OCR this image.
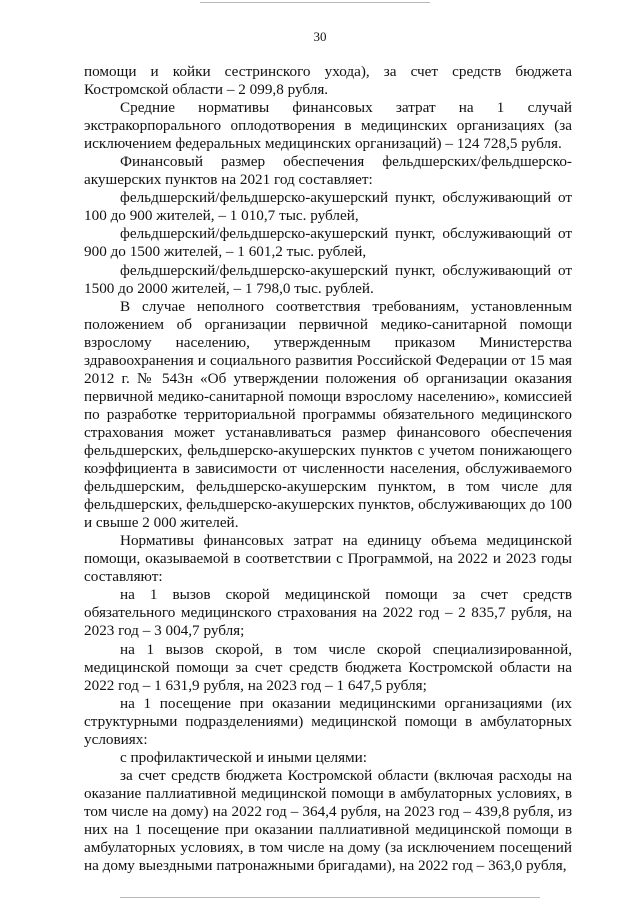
30

помощи и койки сестринского ухода), за счет средств бюджета Костромской области – 2 099,8 рубля.

Средние нормативы финансовых затрат на 1 случай экстракорпорального оплодотворения в медицинских организациях (за исключением федеральных медицинских организаций) – 124 728,5 рубля.

Финансовый размер обеспечения фельдшерских/фельдшерско-акушерских пунктов на 2021 год составляет:

фельдшерский/фельдшерско-акушерский пункт, обслуживающий от 100 до 900 жителей, – 1 010,7 тыс. рублей,

фельдшерский/фельдшерско-акушерский пункт, обслуживающий от 900 до 1500 жителей, – 1 601,2 тыс. рублей,

фельдшерский/фельдшерско-акушерский пункт, обслуживающий от 1500 до 2000 жителей, – 1 798,0 тыс. рублей.

В случае неполного соответствия требованиям, установленным положением об организации первичной медико-санитарной помощи взрослому населению, утвержденным приказом Министерства здравоохранения и социального развития Российской Федерации от 15 мая 2012 г. № 543н «Об утверждении положения об организации оказания первичной медико-санитарной помощи взрослому населению», комиссией по разработке территориальной программы обязательного медицинского страхования может устанавливаться размер финансового обеспечения фельдшерских, фельдшерско-акушерских пунктов с учетом понижающего коэффициента в зависимости от численности населения, обслуживаемого фельдшерским, фельдшерско-акушерским пунктом, в том числе для фельдшерских, фельдшерско-акушерских пунктов, обслуживающих до 100 и свыше 2 000 жителей.

Нормативы финансовых затрат на единицу объема медицинской помощи, оказываемой в соответствии с Программой, на 2022 и 2023 годы составляют:

на 1 вызов скорой медицинской помощи за счет средств обязательного медицинского страхования на 2022 год – 2 835,7 рубля, на 2023 год – 3 004,7 рубля;

на 1 вызов скорой, в том числе скорой специализированной, медицинской помощи за счет средств бюджета Костромской области на 2022 год – 1 631,9 рубля, на 2023 год – 1 647,5 рубля;

на 1 посещение при оказании медицинскими организациями (их структурными подразделениями) медицинской помощи в амбулаторных условиях:

с профилактической и иными целями:

за счет средств бюджета Костромской области (включая расходы на оказание паллиативной медицинской помощи в амбулаторных условиях, в том числе на дому) на 2022 год – 364,4 рубля, на 2023 год – 439,8 рубля, из них на 1 посещение при оказании паллиативной медицинской помощи в амбулаторных условиях, в том числе на дому (за исключением посещений на дому выездными патронажными бригадами), на 2022 год – 363,0 рубля,
